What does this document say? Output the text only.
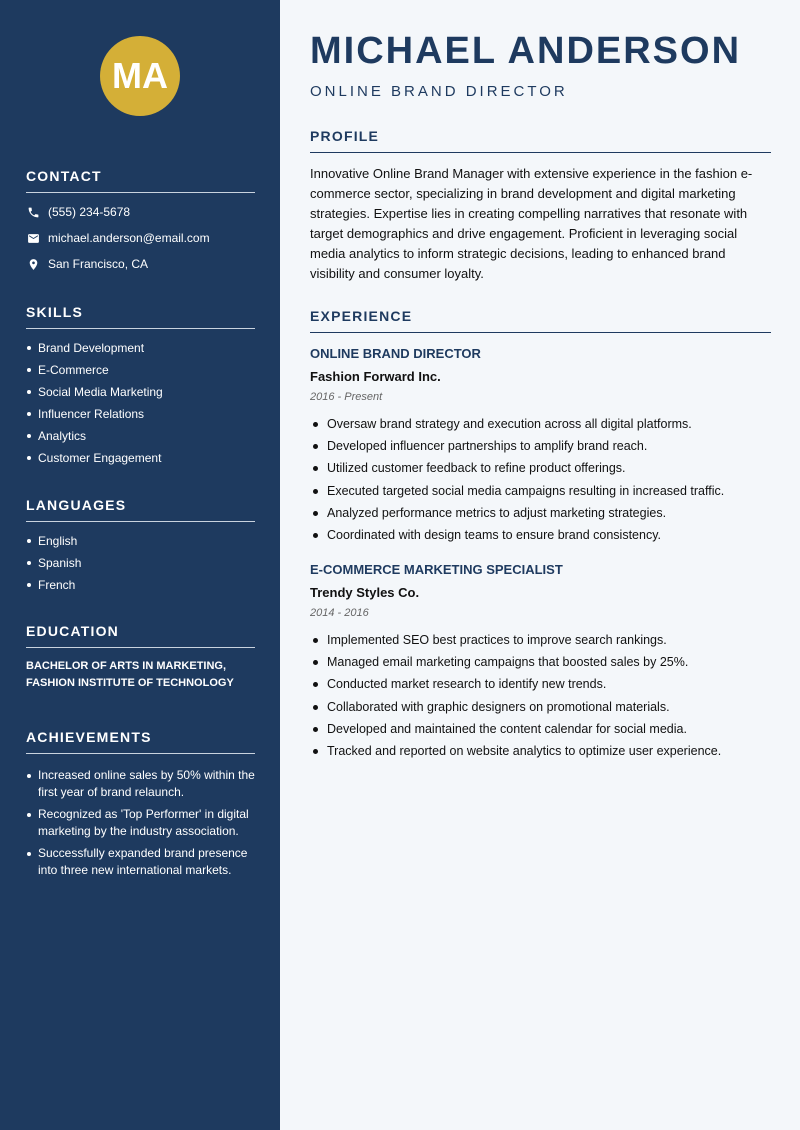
MA
CONTACT
(555) 234-5678
michael.anderson@email.com
San Francisco, CA
SKILLS
Brand Development
E-Commerce
Social Media Marketing
Influencer Relations
Analytics
Customer Engagement
LANGUAGES
English
Spanish
French
EDUCATION
BACHELOR OF ARTS IN MARKETING,
FASHION INSTITUTE OF TECHNOLOGY
ACHIEVEMENTS
Increased online sales by 50% within the first year of brand relaunch.
Recognized as 'Top Performer' in digital marketing by the industry association.
Successfully expanded brand presence into three new international markets.
MICHAEL ANDERSON
ONLINE BRAND DIRECTOR
PROFILE
Innovative Online Brand Manager with extensive experience in the fashion e-commerce sector, specializing in brand development and digital marketing strategies. Expertise lies in creating compelling narratives that resonate with target demographics and drive engagement. Proficient in leveraging social media analytics to inform strategic decisions, leading to enhanced brand visibility and consumer loyalty.
EXPERIENCE
ONLINE BRAND DIRECTOR
Fashion Forward Inc.
2016 - Present
Oversaw brand strategy and execution across all digital platforms.
Developed influencer partnerships to amplify brand reach.
Utilized customer feedback to refine product offerings.
Executed targeted social media campaigns resulting in increased traffic.
Analyzed performance metrics to adjust marketing strategies.
Coordinated with design teams to ensure brand consistency.
E-COMMERCE MARKETING SPECIALIST
Trendy Styles Co.
2014 - 2016
Implemented SEO best practices to improve search rankings.
Managed email marketing campaigns that boosted sales by 25%.
Conducted market research to identify new trends.
Collaborated with graphic designers on promotional materials.
Developed and maintained the content calendar for social media.
Tracked and reported on website analytics to optimize user experience.
